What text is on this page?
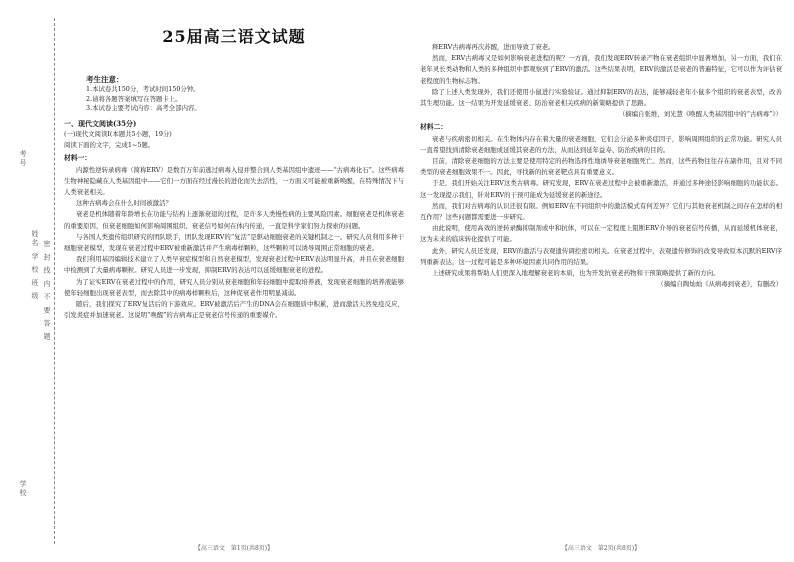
考号
姓名 学 校 班 级 密 封 线 内 不 要 答 题
学校
25届高三语文试题
考生注意：
1.本试卷共150分，考试时间150分钟。
2.请将各题答案填写在答题卡上。
3.本试卷主要考试内容：高考全部内容。
一、现代文阅读(35分)
(一)现代文阅读Ⅰ(本题共5小题，19分)
阅读下面的文字，完成1~5题。
材料一：

内源性逆转录病毒（简称ERV）是数百万年前逃过病毒入侵并整合到人类基因组中遗迹——“古病毒化石”。这些病毒生物神秘隐藏在人类基因组中——它们一方面在经过漫长的进化而失去活性，一方面又可能被重新唤醒，在特殊情况下与人类衰老相关。

这种古病毒会在什么时间被激活？

衰老是机体随着年龄增长在功能与结构上逐渐衰退的过程，是许多人类慢性病的主要风险因素。细胞衰老是机体衰老的重要原因，但衰老细胞如何影响周围组织、衰老信号如何在体内传递，一直是科学家们努力探索的问题。

与各国人类遗传组织研究的团队联手，团队发现ERV的“复活”是驱动细胞衰老的关键机制之一。研究人员利用多种干细胞衰老模型，发现在衰老过程中ERV被重新激活并产生病毒样颗粒，这些颗粒可以诱导周围正常细胞的衰老。

我们利用基因编辑技术建立了人类早衰症模型和自然衰老模型，发现衰老过程中ERV表达明显升高，并且在衰老细胞中检测到了大量病毒颗粒。研究人员进一步发现，抑制ERV的表达可以延缓细胞衰老的进程。

为了证实ERV在衰老过程中的作用，研究人员分别从衰老细胞和年轻细胞中提取培养液，发现衰老细胞的培养液能够使年轻细胞出现衰老表型，而去除其中的病毒样颗粒后，这种促衰老作用明显减弱。

随后，我们探究了ERV复活后的下游效应。ERV被激活后产生的DNA会在细胞质中积累，进而激活天然免疫反应，引发炎症并加速衰老。这说明“唤醒”的古病毒正是衰老信号传递的重要媒介。

释ERV古病毒再次苏醒，进而导致了衰老。

然而，ERV古病毒又是如何影响衰老进程的呢？一方面，我们发现ERV转录产物在衰老组织中显著增加，另一方面，我们在老年灵长类动物和人类的多种组织中都观察到了ERV的激活。这些结果表明，ERV的激活是衰老的普遍特征，它可以作为评估衰老程度的生物标志物。

除了上述人类发现外，我们还使用小鼠进行实验验证。通过抑制ERV的表达，能够减轻老年小鼠多个组织的衰老表型，改善其生理功能。这一结果为开发延缓衰老、防治衰老相关疾病的新策略提供了思路。

（摘编自张维，刘光慧《唤醒人类基因组中的“古病毒”》）

材料二：

衰老与疾病密切相关。在生物体内存在着大量的衰老细胞，它们会分泌多种炎症因子，影响周围组织的正常功能。研究人员一直希望找到清除衰老细胞或延缓其衰老的方法，从而达到延年益寿、防治疾病的目的。

目前，清除衰老细胞的方法主要是使用特定的药物选择性地诱导衰老细胞死亡。然而，这些药物往往存在副作用，且对不同类型的衰老细胞效果不一。因此，寻找新的抗衰老靶点具有重要意义。

于是，我们开始关注ERV这类古病毒。研究发现，ERV在衰老过程中会被重新激活，并通过多种途径影响细胞的功能状态。这一发现提示我们，针对ERV的干预可能成为延缓衰老的新途径。

然而，我们对古病毒的认识还很有限。例如ERV在不同组织中的激活模式有何差异？它们与其他衰老机制之间存在怎样的相互作用？这些问题都需要进一步研究。

由此说明，使用高效的逆转录酶抑制剂或中和抗体，可以在一定程度上阻断ERV介导的衰老信号传播，从而延缓机体衰老，这为未来的临床转化提供了可能。

此外，研究人员还发现，ERV的激活与表观遗传调控密切相关。在衰老过程中，表观遗传修饰的改变导致原本沉默的ERV序列重新表达，这一过程可能是多种环境因素共同作用的结果。

上述研究成果将帮助人们更深入地理解衰老的本质，也为开发抗衰老药物和干预策略提供了新的方向。

（摘编自陶灿灿《从病毒到衰老》，有删改）

【高三语文　第1页(共8页)】	【高三语文　第2页(共8页)】
